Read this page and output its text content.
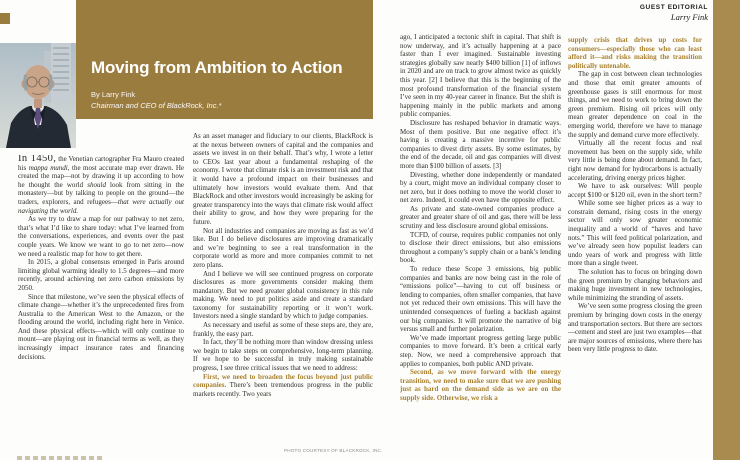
GUEST EDITORIAL
Larry Fink
Moving from Ambition to Action
By Larry Fink
Chairman and CEO of BlackRock, Inc.*

In 1450, the Venetian cartographer Fra Mauro created his mappa mundi, the most accurate map ever drawn. He created the map—not by drawing it up according to how he thought the world should look from sitting in the monastery—but by talking to people on the ground—the traders, explorers, and refugees—that were actually out navigating the world.

As we try to draw a map for our pathway to net zero, that’s what I’d like to share today: what I’ve learned from the conversations, experiences, and events over the past couple years. We know we want to go to net zero—now we need a realistic map for how to get there.

In 2015, a global consensus emerged in Paris around limiting global warming ideally to 1.5 degrees—and more recently, around achieving net zero carbon emissions by 2050.

Since that milestone, we’ve seen the physical effects of climate change—whether it’s the unprecedented fires from Australia to the American West to the Amazon, or the flooding around the world, including right here in Venice. And these physical effects—which will only continue to mount—are playing out in financial terms as well, as they increasingly impact insurance rates and financing decisions.

As an asset manager and fiduciary to our clients, BlackRock is at the nexus between owners of capital and the companies and assets we invest in on their behalf. That’s why, I wrote a letter to CEOs last year about a fundamental reshaping of the economy. I wrote that climate risk is an investment risk and that it would have a profound impact on their businesses and ultimately how investors would evaluate them. And that BlackRock and other investors would increasingly be asking for greater transparency into the ways that climate risk would affect their ability to grow, and how they were preparing for the future.

Not all industries and companies are moving as fast as we’d like. But I do believe disclosures are improving dramatically and we’re beginning to see a real transformation in the corporate world as more and more companies commit to net zero plans.

And I believe we will see continued progress on corporate disclosures as more governments consider making them mandatory. But we need greater global consistency in this rule making. We need to put politics aside and create a standard taxonomy for sustainability reporting or it won’t work. Investors need a single standard by which to judge companies.

As necessary and useful as some of these steps are, they are, frankly, the easy part.

In fact, they’ll be nothing more than window dressing unless we begin to take steps on comprehensive, long-term planning. If we hope to be successful in truly making sustainable progress, I see three critical issues that we need to address:

First, we need to broaden the focus beyond just public companies. There’s been tremendous progress in the public markets recently. Two years

ago, I anticipated a tectonic shift in capital. That shift is now underway, and it’s actually happening at a pace faster than I ever imagined. Sustainable investing strategies globally saw nearly $400 billion [1] of inflows in 2020 and are on track to grow almost twice as quickly this year. [2] I believe that this is the beginning of the most profound transformation of the financial system I’ve seen in my 40-year career in finance. But the shift is happening mainly in the public markets and among public companies.

Disclosure has reshaped behavior in dramatic ways. Most of them positive. But one negative effect it’s having is creating a massive incentive for public companies to divest dirty assets. By some estimates, by the end of the decade, oil and gas companies will divest more than $100 billion of assets. [3]

Divesting, whether done independently or mandated by a court, might move an individual company closer to net zero, but it does nothing to move the world closer to net zero. Indeed, it could even have the opposite effect.

As private and state-owned companies produce a greater and greater share of oil and gas, there will be less scrutiny and less disclosure around global emissions.

TCFD, of course, requires public companies not only to disclose their direct emissions, but also emissions throughout a company’s supply chain or a bank’s lending book.

To reduce these Scope 3 emissions, big public companies and banks are now being cast in the role of “emissions police”—having to cut off business or lending to companies, often smaller companies, that have not yet reduced their own emissions. This will have the unintended consequences of fueling a backlash against our big companies. It will promote the narrative of big versus small and further polarization.

We’ve made important progress getting large public companies to move forward. It’s been a critical early step. Now, we need a comprehensive approach that applies to companies, both public AND private.

Second, as we move forward with the energy transition, we need to make sure that we are pushing just as hard on the demand side as we are on the supply side. Otherwise, we risk a

supply crisis that drives up costs for consumers—especially those who can least afford it—and risks making the transition politically untenable.

The gap in cost between clean technologies and those that emit greater amounts of greenhouse gases is still enormous for most things, and we need to work to bring down the green premium. Rising oil prices will only mean greater dependence on coal in the emerging world, therefore we have to manage the supply and demand curve more effectively.

Virtually all the recent focus and real movement has been on the supply side, while very little is being done about demand. In fact, right now demand for hydrocarbons is actually accelerating, driving energy prices higher.

We have to ask ourselves: Will people accept $100 or $120 oil, even in the short term?

While some see higher prices as a way to constrain demand, rising costs in the energy sector will only sow greater economic inequality and a world of “haves and have nots.” This will feed political polarization, and we’ve already seen how populist leaders can undo years of work and progress with little more than a single tweet.

The solution has to focus on bringing down the green premium by changing behaviors and making huge investment in new technologies, while minimizing the stranding of assets.

We’ve seen some progress closing the green premium by bringing down costs in the energy and transportation sectors. But there are sectors—cement and steel are just two examples—that are major sources of emissions, where there has been very little progress to date.

PHOTO COURTESY OF BLACKROCK, INC.
